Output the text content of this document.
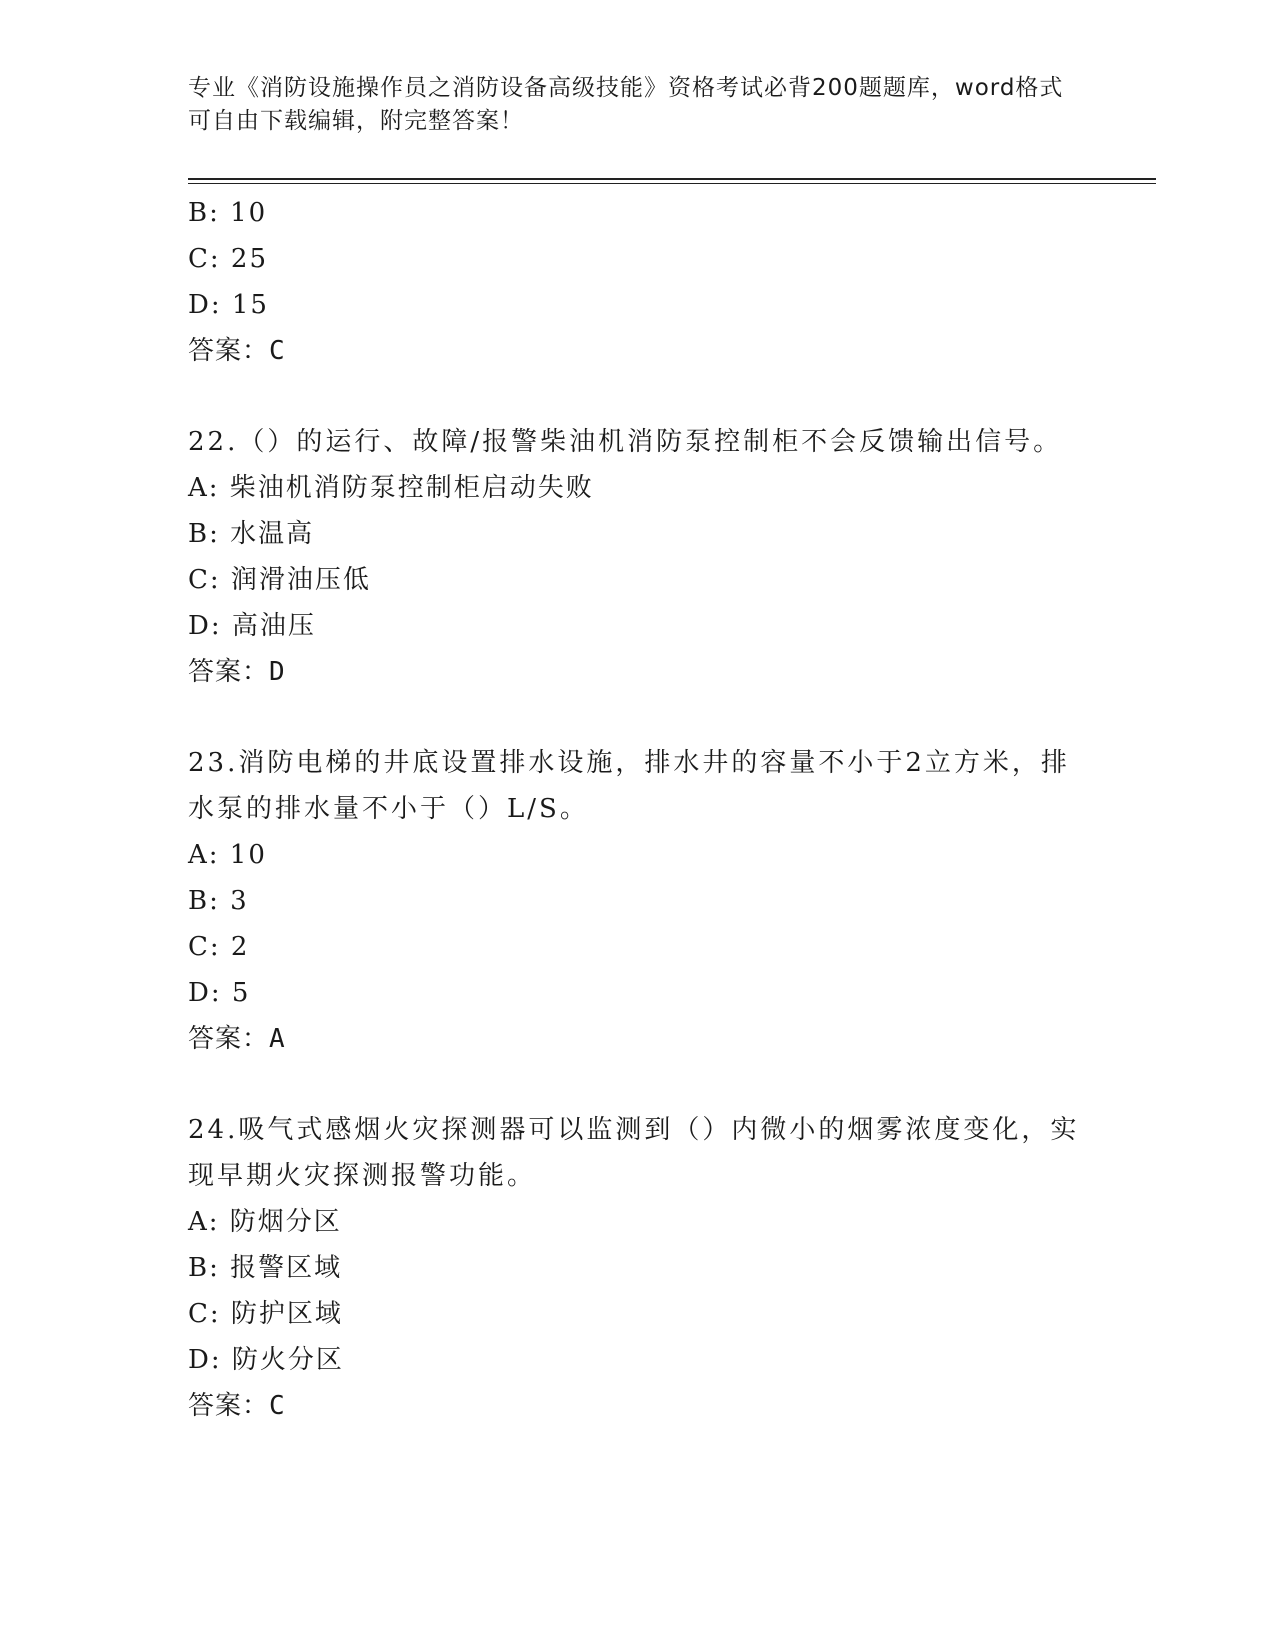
专业《消防设施操作员之消防设备高级技能》资格考试必背200题题库，word格式可自由下载编辑，附完整答案！
B: 10
C: 25
D: 15
答案：C
22.（）的运行、故障/报警柴油机消防泵控制柜不会反馈输出信号。
A: 柴油机消防泵控制柜启动失败
B: 水温高
C: 润滑油压低
D: 高油压
答案：D
23.消防电梯的井底设置排水设施，排水井的容量不小于2立方米，排水泵的排水量不小于（）L/S。
A: 10
B: 3
C: 2
D: 5
答案：A
24.吸气式感烟火灾探测器可以监测到（）内微小的烟雾浓度变化，实现早期火灾探测报警功能。
A: 防烟分区
B: 报警区域
C: 防护区域
D: 防火分区
答案：C
